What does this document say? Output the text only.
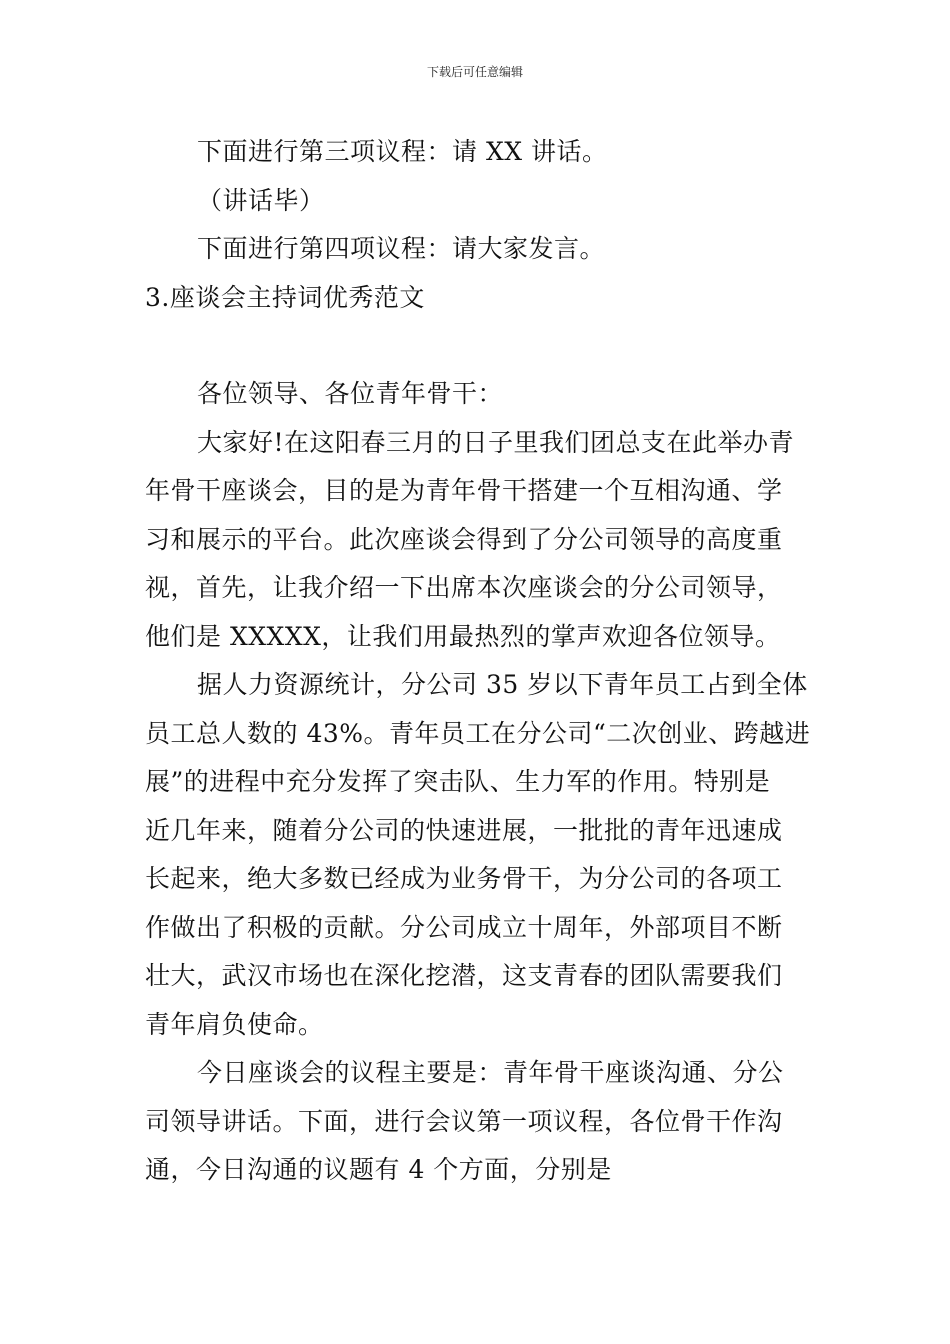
下载后可任意编辑
下面进行第三项议程：请 XX 讲话。
（讲话毕）
下面进行第四项议程：请大家发言。
3.座谈会主持词优秀范文
各位领导、各位青年骨干：
大家好!在这阳春三月的日子里我们团总支在此举办青
年骨干座谈会，目的是为青年骨干搭建一个互相沟通、学
习和展示的平台。此次座谈会得到了分公司领导的高度重
视，首先，让我介绍一下出席本次座谈会的分公司领导，
他们是 XXXXX，让我们用最热烈的掌声欢迎各位领导。
据人力资源统计，分公司 35 岁以下青年员工占到全体
员工总人数的 43%。青年员工在分公司“二次创业、跨越进
展”的进程中充分发挥了突击队、生力军的作用。特别是
近几年来，随着分公司的快速进展，一批批的青年迅速成
长起来，绝大多数已经成为业务骨干，为分公司的各项工
作做出了积极的贡献。分公司成立十周年，外部项目不断
壮大，武汉市场也在深化挖潜，这支青春的团队需要我们
青年肩负使命。
今日座谈会的议程主要是：青年骨干座谈沟通、分公
司领导讲话。下面，进行会议第一项议程，各位骨干作沟
通，今日沟通的议题有 4 个方面，分别是
